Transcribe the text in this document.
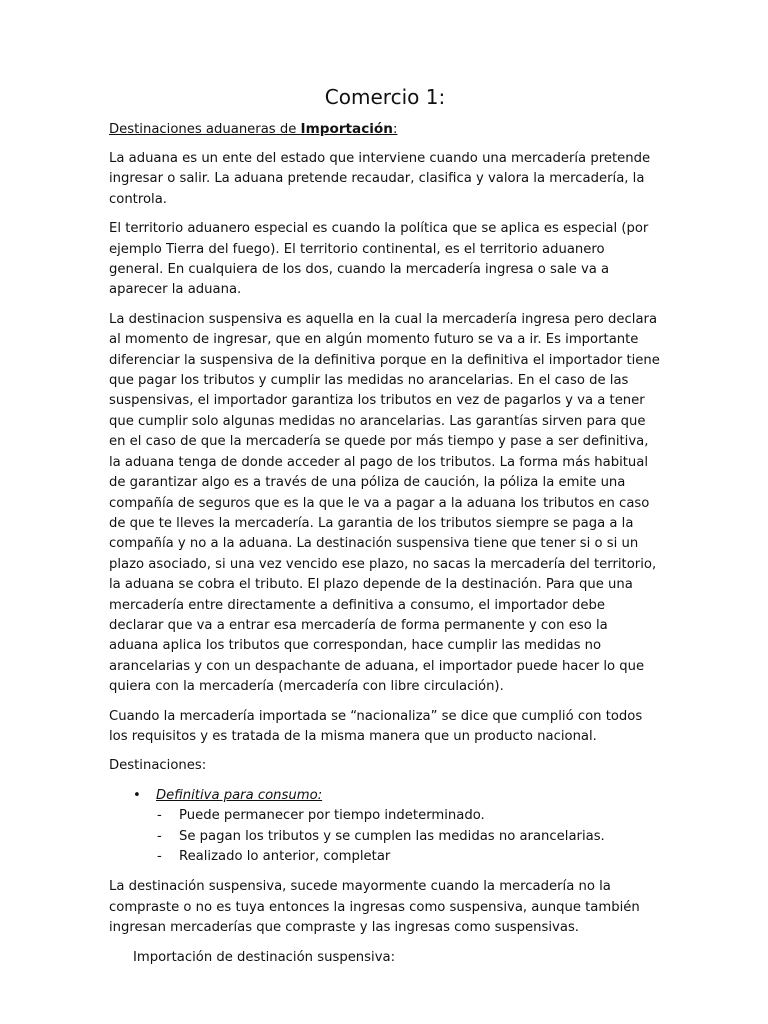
Comercio 1:
Destinaciones aduaneras de Importación:

La aduana es un ente del estado que interviene cuando una mercadería pretende ingresar o salir. La aduana pretende recaudar, clasifica y valora la mercadería, la controla.

El territorio aduanero especial es cuando la política que se aplica es especial (por ejemplo Tierra del fuego). El territorio continental, es el territorio aduanero general. En cualquiera de los dos, cuando la mercadería ingresa o sale va a aparecer la aduana.

La destinacion suspensiva es aquella en la cual la mercadería ingresa pero declara al momento de ingresar, que en algún momento futuro se va a ir. Es importante diferenciar la suspensiva de la definitiva porque en la definitiva el importador tiene que pagar los tributos y cumplir las medidas no arancelarias. En el caso de las suspensivas, el importador garantiza los tributos en vez de pagarlos y va a tener que cumplir solo algunas medidas no arancelarias. Las garantías sirven para que en el caso de que la mercadería se quede por más tiempo y pase a ser definitiva, la aduana tenga de donde acceder al pago de los tributos. La forma más habitual de garantizar algo es a través de una póliza de caución, la póliza la emite una compañía de seguros que es la que le va a pagar a la aduana los tributos en caso de que te lleves la mercadería. La garantia de los tributos siempre se paga a la compañía y no a la aduana. La destinación suspensiva tiene que tener si o si un plazo asociado, si una vez vencido ese plazo, no sacas la mercadería del territorio, la aduana se cobra el tributo. El plazo depende de la destinación. Para que una mercadería entre directamente a definitiva a consumo, el importador debe declarar que va a entrar esa mercadería de forma permanente y con eso la aduana aplica los tributos que correspondan, hace cumplir las medidas no arancelarias y con un despachante de aduana, el importador puede hacer lo que quiera con la mercadería (mercadería con libre circulación).

Cuando la mercadería importada se “nacionaliza” se dice que cumplió con todos los requisitos y es tratada de la misma manera que un producto nacional.

Destinaciones:

• Definitiva para consumo:
- Puede permanecer por tiempo indeterminado.
- Se pagan los tributos y se cumplen las medidas no arancelarias.
- Realizado lo anterior, completar

La destinación suspensiva, sucede mayormente cuando la mercadería no la compraste o no es tuya entonces la ingresas como suspensiva, aunque también ingresan mercaderías que compraste y las ingresas como suspensivas.

Importación de destinación suspensiva:
